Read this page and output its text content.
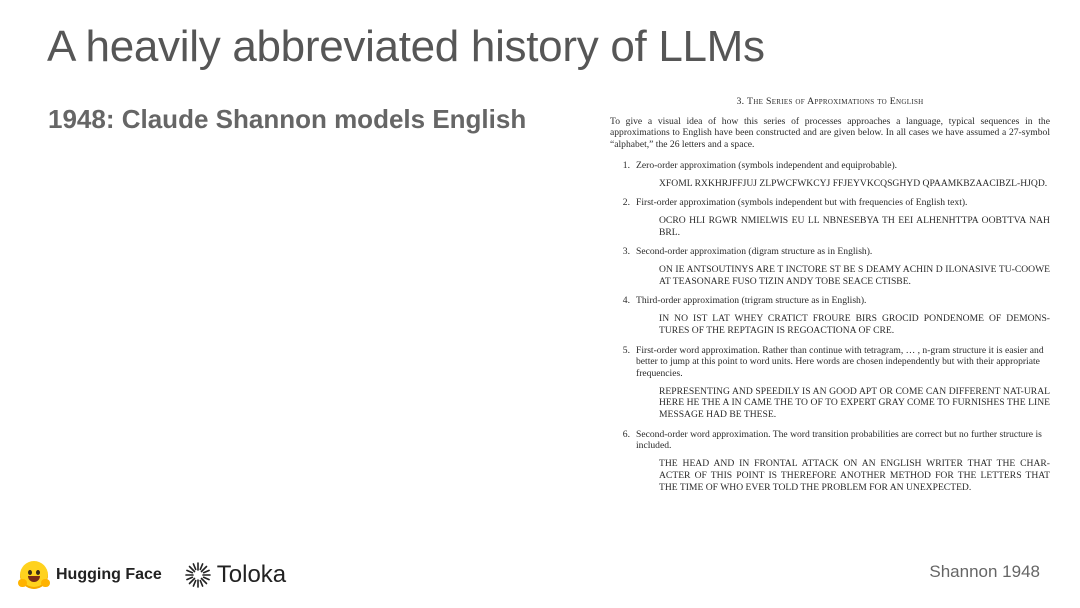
A heavily abbreviated history of LLMs
1948: Claude Shannon models English
3. The Series of Approximations to English

To give a visual idea of how this series of processes approaches a language, typical sequences in the approximations to English have been constructed and are given below. In all cases we have assumed a 27-symbol “alphabet,” the 26 letters and a space.

1. Zero-order approximation (symbols independent and equiprobable).
XFOML RXKHRJFFJUJ ZLPWCFWKCYJ FFJEYVKCQSGHYD QPAAMKBZAACIBZL-HJQD.
2. First-order approximation (symbols independent but with frequencies of English text).
OCRO HLI RGWR NMIELWIS EU LL NBNESEBYA TH EEI ALHENHTTPA OOBTTVA NAH BRL.
3. Second-order approximation (digram structure as in English).
ON IE ANTSOUTINYS ARE T INCTORE ST BE S DEAMY ACHIN D ILONASIVE TU-COOWE AT TEASONARE FUSO TIZIN ANDY TOBE SEACE CTISBE.
4. Third-order approximation (trigram structure as in English).
IN NO IST LAT WHEY CRATICT FROURE BIRS GROCID PONDENOME OF DEMONS-TURES OF THE REPTAGIN IS REGOACTIONA OF CRE.
5. First-order word approximation. Rather than continue with tetragram, … , n-gram structure it is easier and better to jump at this point to word units. Here words are chosen independently but with their appropriate frequencies.
REPRESENTING AND SPEEDILY IS AN GOOD APT OR COME CAN DIFFERENT NAT-URAL HERE HE THE A IN CAME THE TO OF TO EXPERT GRAY COME TO FURNISHES THE LINE MESSAGE HAD BE THESE.
6. Second-order word approximation. The word transition probabilities are correct but no further structure is included.
THE HEAD AND IN FRONTAL ATTACK ON AN ENGLISH WRITER THAT THE CHAR-ACTER OF THIS POINT IS THEREFORE ANOTHER METHOD FOR THE LETTERS THAT THE TIME OF WHO EVER TOLD THE PROBLEM FOR AN UNEXPECTED.
Hugging Face Toloka	Shannon 1948
